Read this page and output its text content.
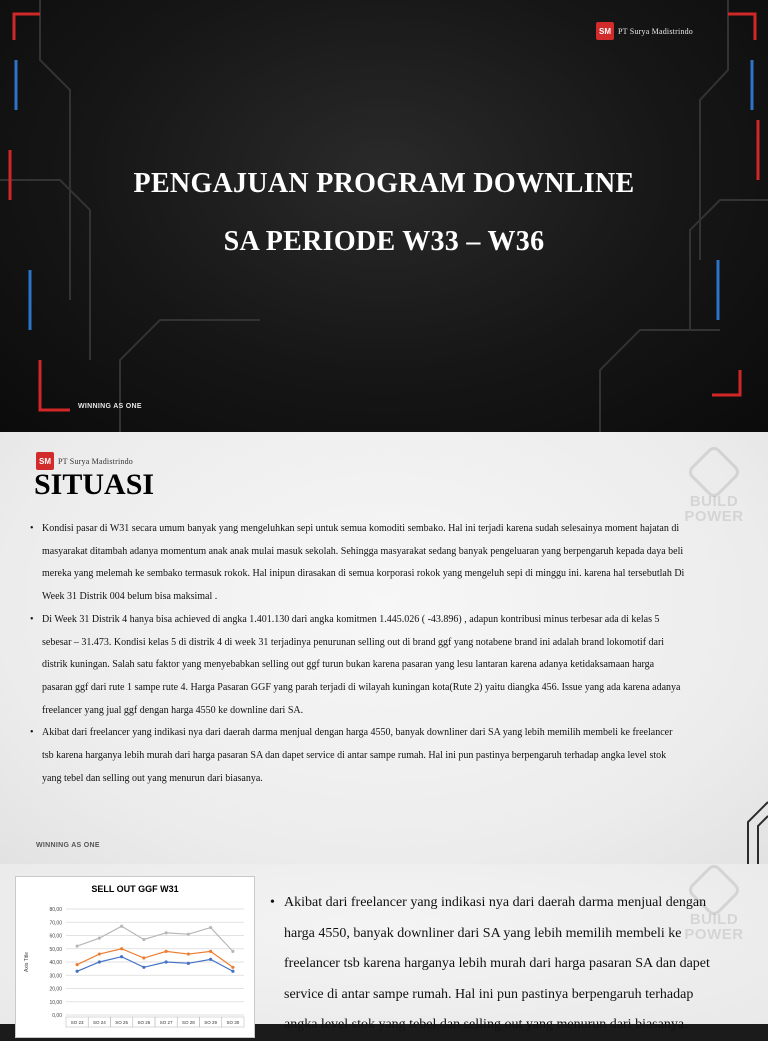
SM PT Surya Madistrindo
PENGAJUAN PROGRAM DOWNLINE
SA PERIODE W33 – W36
WINNING AS ONE
SM PT Surya Madistrindo
BUILD
POWER
SITUASI
• Kondisi pasar di W31 secara umum banyak yang mengeluhkan sepi untuk semua komoditi sembako. Hal ini terjadi karena sudah selesainya moment hajatan di masyarakat ditambah adanya momentum anak anak mulai masuk sekolah. Sehingga masyarakat sedang banyak pengeluaran yang berpengaruh kepada daya beli mereka yang melemah ke sembako termasuk rokok. Hal inipun dirasakan di semua korporasi rokok yang mengeluh sepi di minggu ini. karena hal tersebutlah Di Week 31 Distrik 004 belum bisa maksimal .
• Di Week 31 Distrik 4 hanya bisa achieved di angka 1.401.130 dari angka komitmen 1.445.026 ( -43.896) , adapun kontribusi minus terbesar ada di kelas 5 sebesar – 31.473. Kondisi kelas 5 di distrik 4 di week 31 terjadinya penurunan selling out di brand ggf yang notabene brand ini adalah brand lokomotif dari distrik kuningan. Salah satu faktor yang menyebabkan selling out ggf turun bukan karena pasaran yang lesu lantaran karena adanya ketidaksamaan harga pasaran ggf dari rute 1 sampe rute 4. Harga Pasaran GGF yang parah terjadi di wilayah kuningan kota(Rute 2) yaitu diangka 456. Issue yang ada karena adanya freelancer yang jual ggf dengan harga 4550 ke downline dari SA.
• Akibat dari freelancer yang indikasi nya dari daerah darma menjual dengan harga 4550, banyak downliner dari SA yang lebih memilih membeli ke freelancer tsb karena harganya lebih murah dari harga pasaran SA dan dapet service di antar sampe rumah. Hal ini pun pastinya berpengaruh terhadap angka level stok yang tebel dan selling out yang menurun dari biasanya.
WINNING AS ONE
BUILD
POWER
SELL OUT GGF W31
Axis Title
0,00
10,00
20,00
30,00
40,00
50,00
60,00
70,00
80,00
SO 23 SO 24 SO 25 SO 26 SO 27 SO 28 SO 29 SO 30
• Akibat dari freelancer yang indikasi nya dari daerah darma menjual dengan harga 4550, banyak downliner dari SA yang lebih memilih membeli ke freelancer tsb karena harganya lebih murah dari harga pasaran SA dan dapet service di antar sampe rumah. Hal ini pun pastinya berpengaruh terhadap angka level stok yang tebel dan selling out yang menurun dari biasanya.
